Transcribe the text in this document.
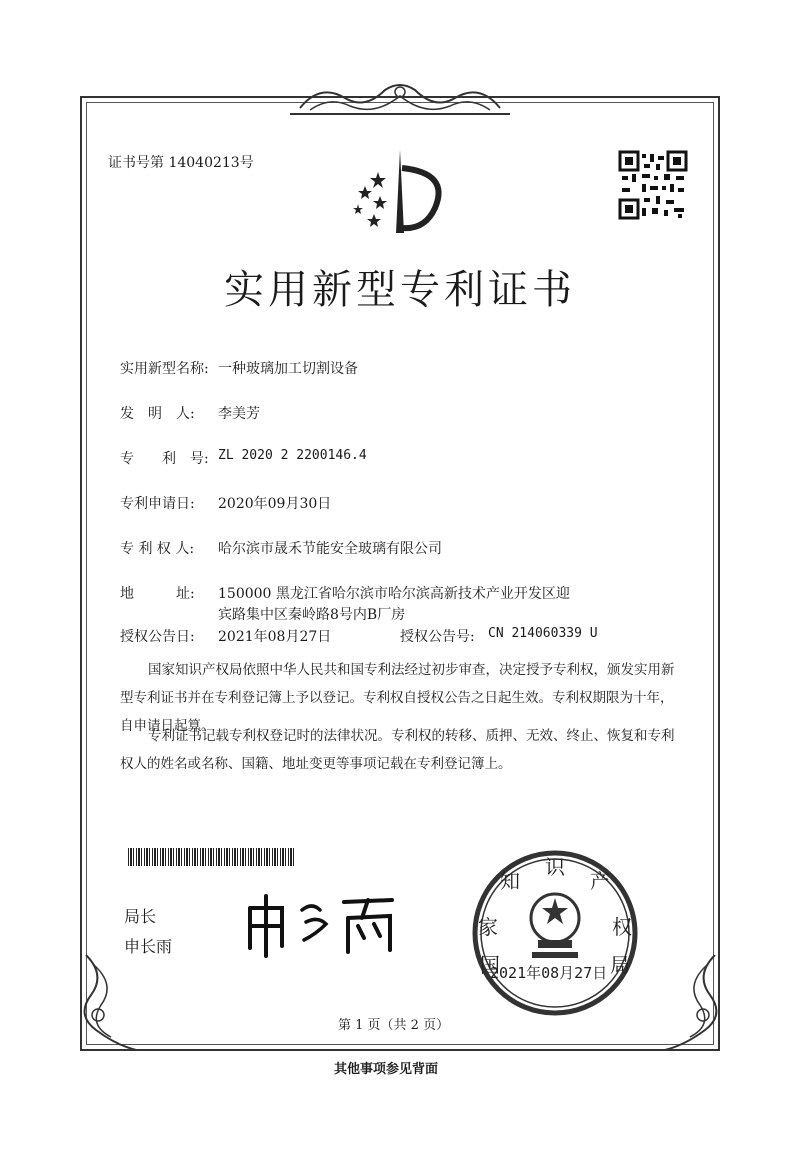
证书号第 14040213号
实用新型专利证书
实用新型名称: 一种玻璃加工切割设备
发　明　人: 李美芳
专　　利　号: ZL 2020 2 2200146.4
专利申请日: 2020年09月30日
专 利 权 人: 哈尔滨市晟禾节能安全玻璃有限公司
地　　　址: 150000 黑龙江省哈尔滨市哈尔滨高新技术产业开发区迎
宾路集中区秦岭路8号内B厂房
授权公告日: 2021年08月27日	授权公告号: CN 214060339 U
国家知识产权局依照中华人民共和国专利法经过初步审查，决定授予专利权，颁发实用新型专利证书并在专利登记簿上予以登记。专利权自授权公告之日起生效。专利权期限为十年，自申请日起算。
专利证书记载专利权登记时的法律状况。专利权的转移、质押、无效、终止、恢复和专利权人的姓名或名称、国籍、地址变更等事项记载在专利登记簿上。
局长
申长雨
国
家
知
识
产
权
局
2021年08月27日
第 1 页（共 2 页）
其他事项参见背面
